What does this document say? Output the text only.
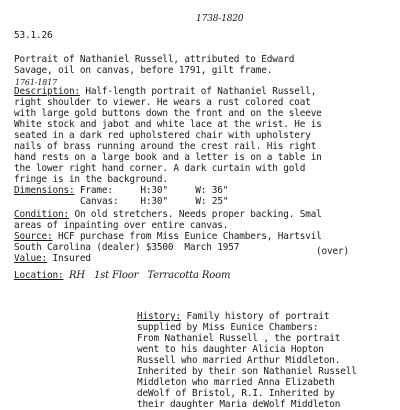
53.1.26
1738-1820
Portrait of Nathaniel Russell, attributed to Edward
Savage, oil on canvas, before 1791, gilt frame.
1761-1817
Description: Half-length portrait of Nathaniel Russell,
right shoulder to viewer. He wears a rust colored coat
with large gold buttons down the front and on the sleeve
White stock and jabot and white lace at the wrist. He is
seated in a dark red upholstered chair with upholstery
nails of brass running around the crest rail. His right
hand rests on a large book and a letter is on a table in
the lower right hand corner. A dark curtain with gold
fringe is in the background.
Dimensions: Frame:     H:30"     W: 36"
Canvas:    H:30"     W: 25"
Condition: On old stretchers. Needs proper backing. Smal
areas of inpainting over entire canvas.
Source: HCF purchase from Miss Eunice Chambers, Hartsvil
South Carolina (dealer) $3500  March 1957	(over)
Value: Insured
Location: RH   1st Floor   Terracotta Room
History: Family history of portrait
supplied by Miss Eunice Chambers:
From Nathaniel Russell , the portrait
went to his daughter Alicia Hopton
Russell who married Arthur Middleton.
Inherited by their son Nathaniel Russell
Middleton who married Anna Elizabeth
deWolf of Bristol, R.I. Inherited by
their daughter Maria deWolf Middleton
